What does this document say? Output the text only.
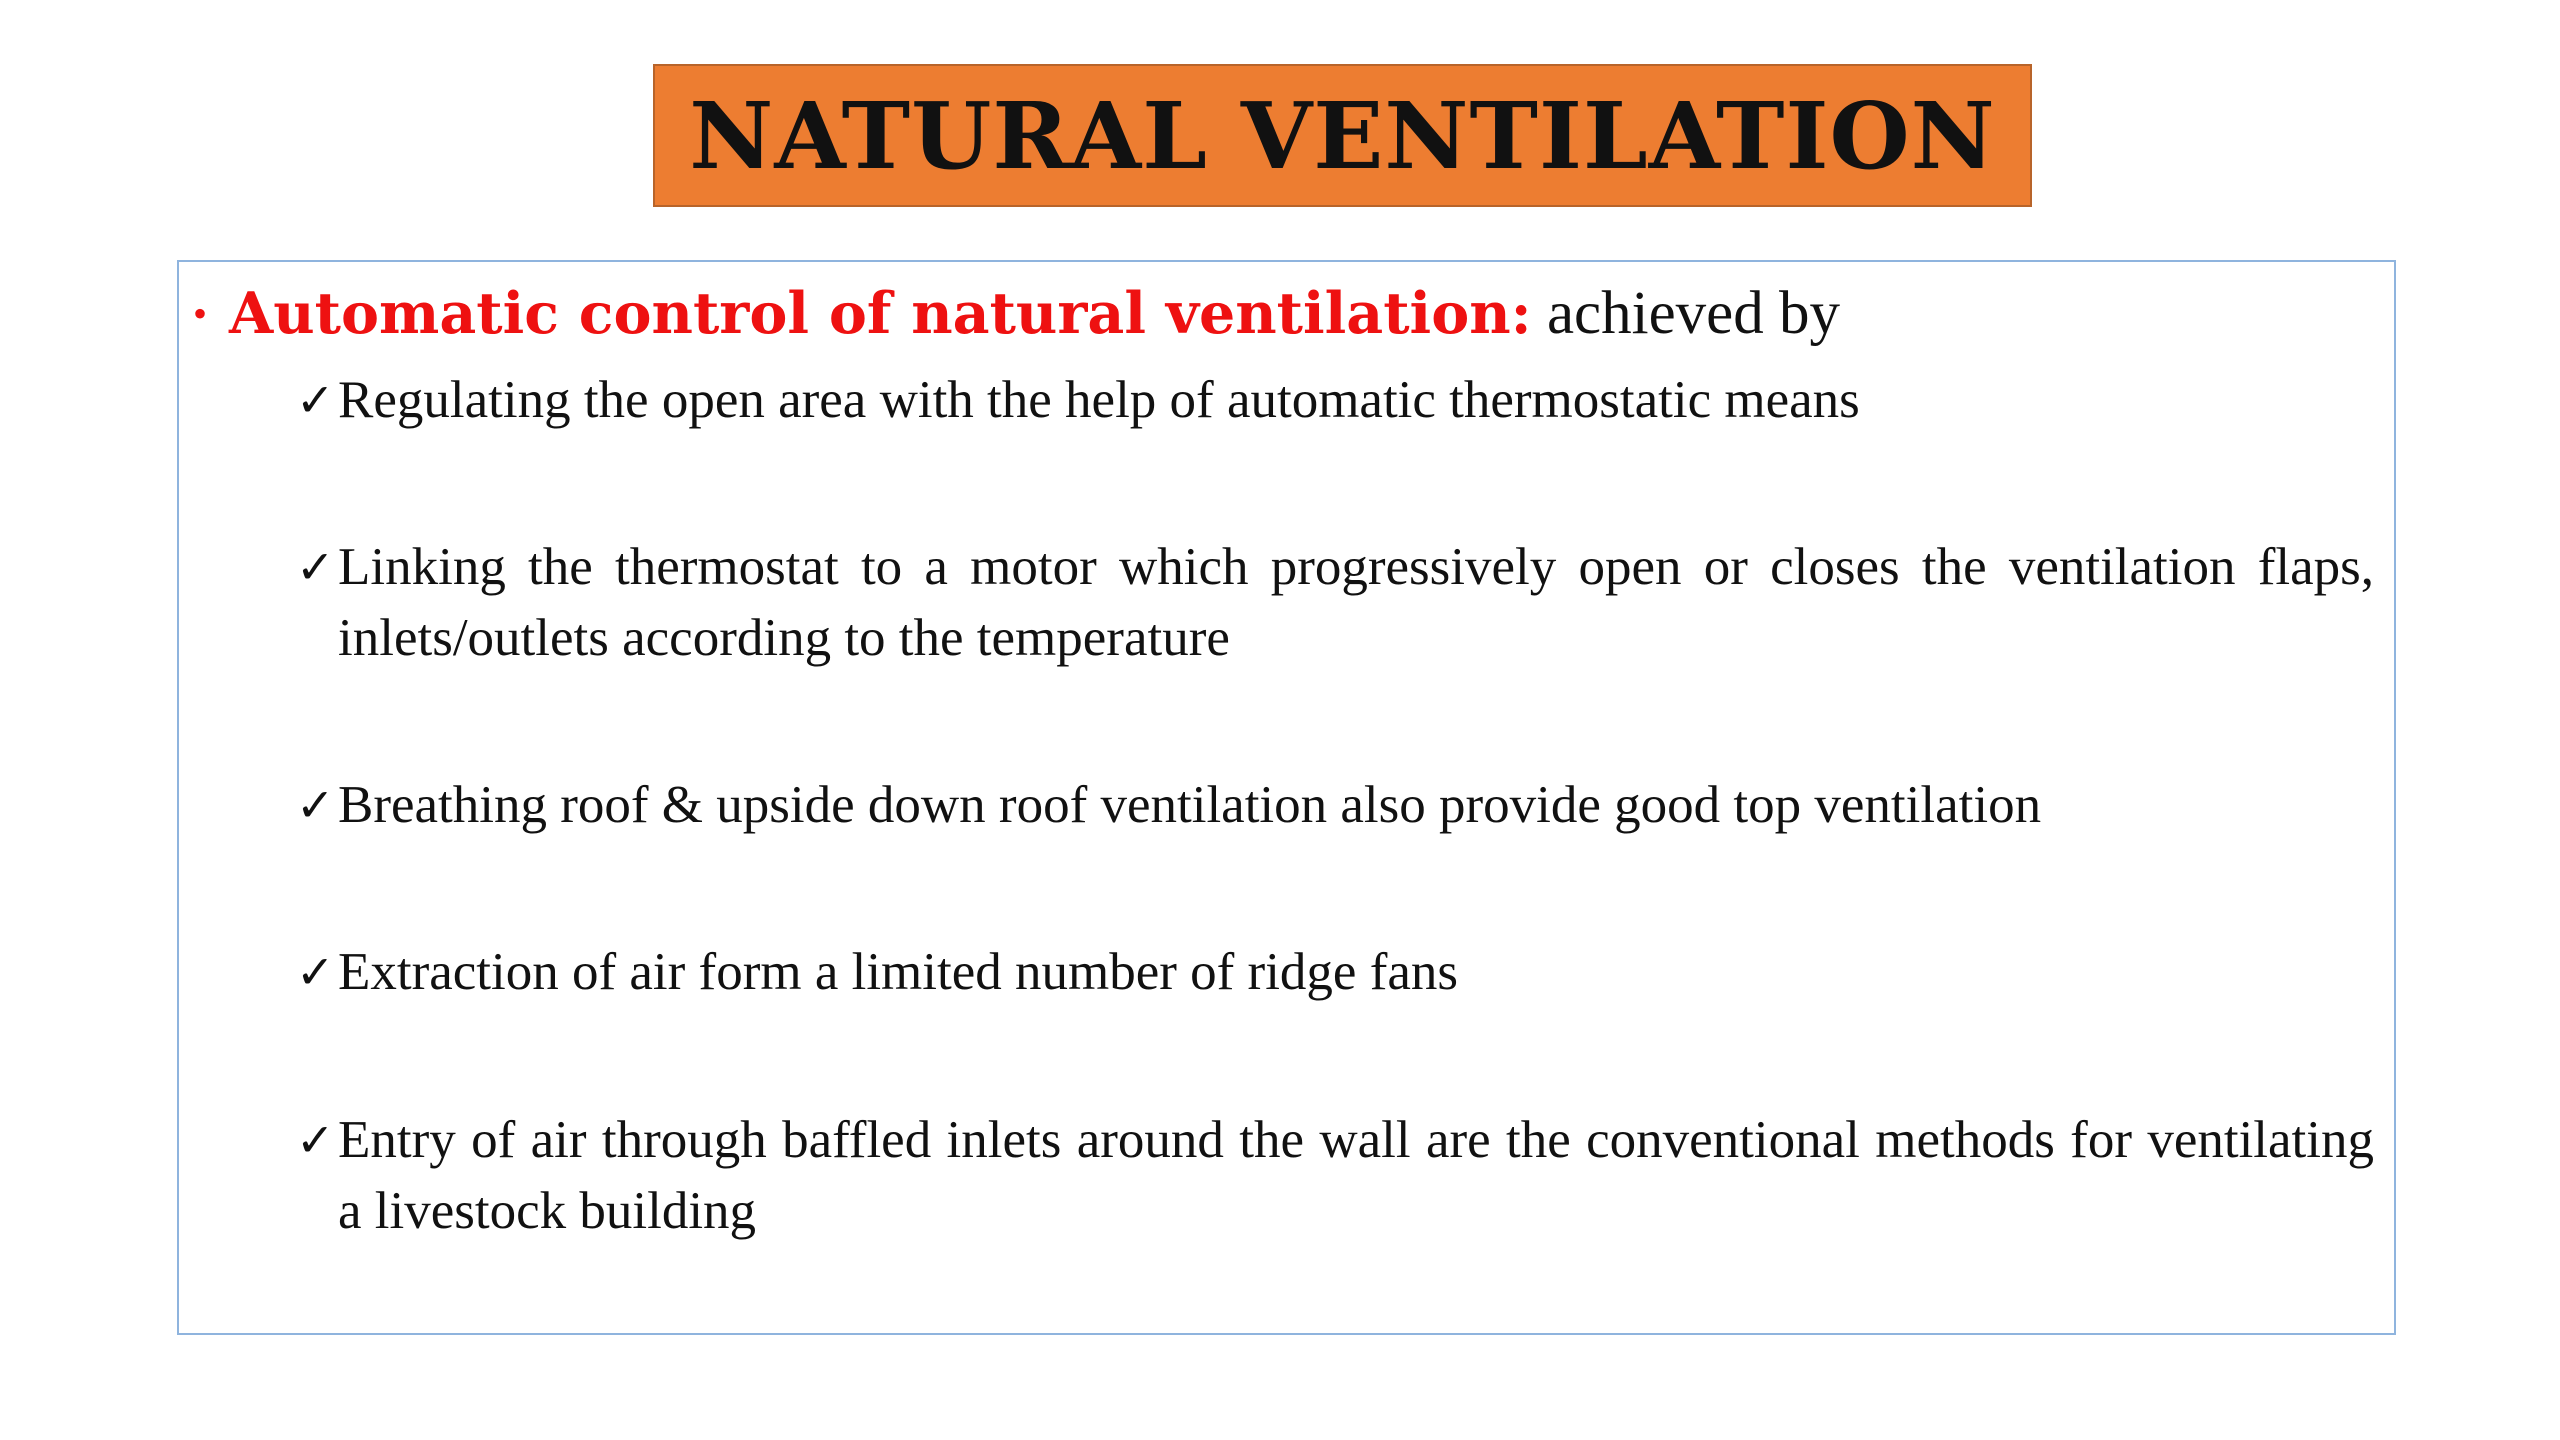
NATURAL VENTILATION
• Automatic control of natural ventilation: achieved by
✓ Regulating the open area with the help of automatic thermostatic means
✓ Linking the thermostat to a motor which progressively open or closes the ventilation flaps, inlets/outlets according to the temperature
✓ Breathing roof & upside down roof ventilation also provide good top ventilation
✓ Extraction of air form a limited number of ridge fans
✓ Entry of air through baffled inlets around the wall are the conventional methods for ventilating a livestock building
